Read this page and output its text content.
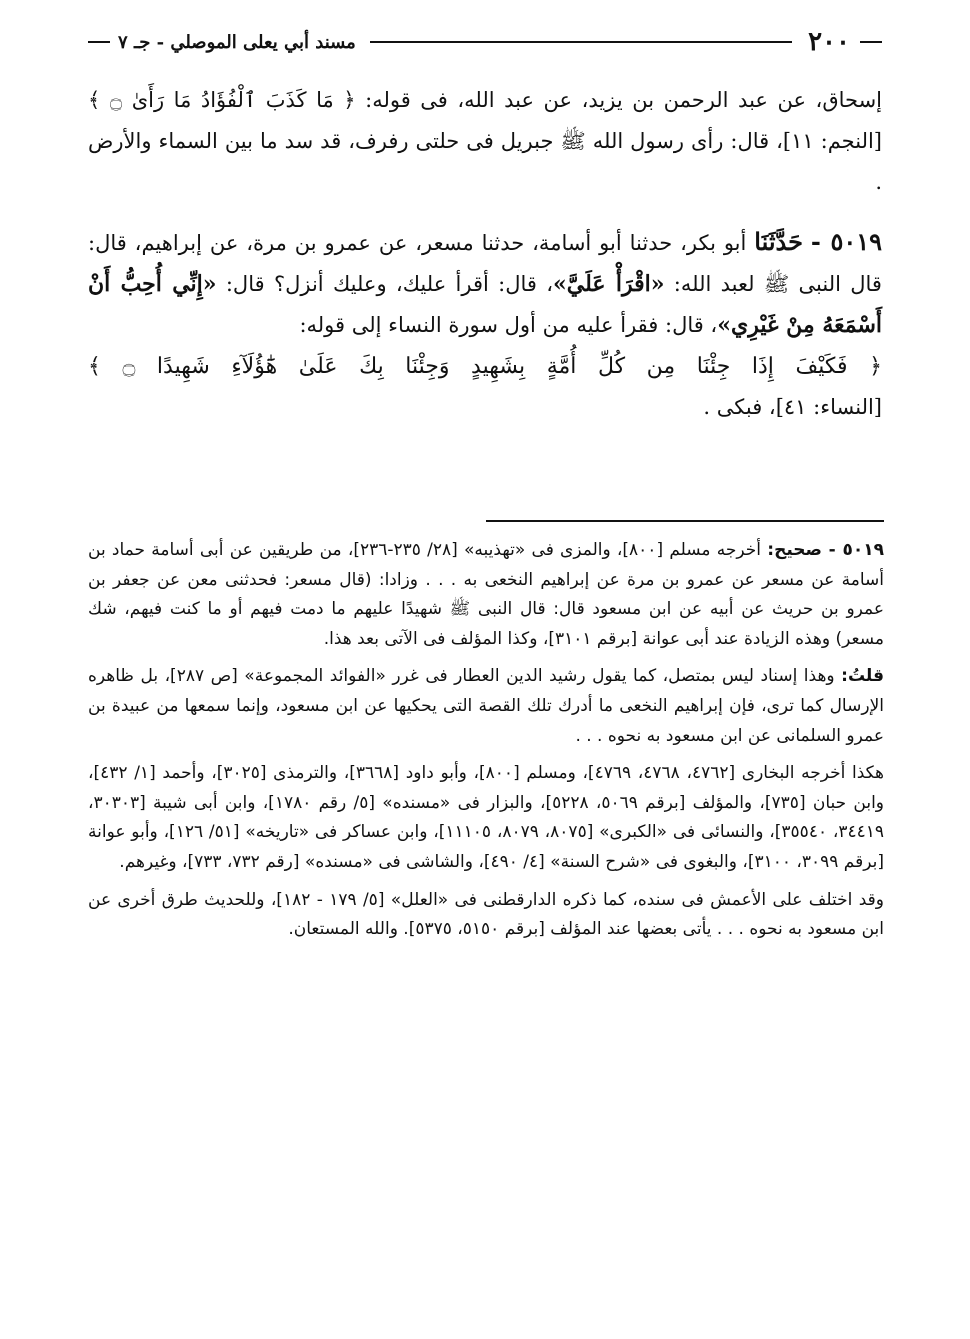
٢٠٠
مسند أبي يعلى الموصلي - جـ ٧

إسحاق، عن عبد الرحمن بن يزيد، عن عبد الله، فى قوله: ﴿ مَا كَذَبَ ٱلْفُؤَادُ مَا رَأَىٰ ۝ ﴾ [النجم: ١١]، قال: رأى رسول الله ﷺ جبريل فى حلتى رفرف، قد سد ما بين السماء والأرض .

٥٠١٩ - حَدَّثَنَا أبو بكر، حدثنا أبو أسامة، حدثنا مسعر، عن عمرو بن مرة، عن إبراهيم، قال: قال النبى ﷺ لعبد الله: «اقْرَأْ عَلَيَّ»، قال: أقرأ عليك، وعليك أنزل؟ قال: «إِنِّي أُحِبُّ أَنْ أَسْمَعَهُ مِنْ غَيْرِي»، قال: فقرأ عليه من أول سورة النساء إلى قوله:

﴿ فَكَيْفَ إِذَا جِئْنَا مِن كُلِّ أُمَّةٍ بِشَهِيدٍ وَجِئْنَا بِكَ عَلَىٰ هَٰٓؤُلَآءِ شَهِيدًا ۝ ﴾

[النساء: ٤١]، فبكى .

٥٠١٩ - صحيح: أخرجه مسلم [٨٠٠]، والمزى فى «تهذيبه» [٢٨/ ٢٣٥-٢٣٦]، من طريقين عن أبى أسامة حماد بن أسامة عن مسعر عن عمرو بن مرة عن إبراهيم النخعى به . . . وزادا: (قال مسعر: فحدثنى معن عن جعفر بن عمرو بن حريث عن أبيه عن ابن مسعود قال: قال النبى ﷺ شهيدًا عليهم ما دمت فيهم أو ما كنت فيهم، شك مسعر) وهذه الزيادة عند أبى عوانة [برقم ٣١٠١]، وكذا المؤلف فى الآتى بعد هذا.

قلتُ: وهذا إسناد ليس بمتصل، كما يقول رشيد الدين العطار فى غرر «الفوائد المجموعة» [ص ٢٨٧]، بل ظاهره الإرسال كما ترى، فإن إبراهيم النخعى ما أدرك تلك القصة التى يحكيها عن ابن مسعود، وإنما سمعها من عبيدة بن عمرو السلمانى عن ابن مسعود به نحوه . . .

هكذا أخرجه البخارى [٤٧٦٢، ٤٧٦٨، ٤٧٦٩]، ومسلم [٨٠٠]، وأبو داود [٣٦٦٨]، والترمذى [٣٠٢٥]، وأحمد [١/ ٤٣٢]، وابن حبان [٧٣٥]، والمؤلف [برقم ٥٠٦٩، ٥٢٢٨]، والبزار فى «مسنده» [٥/ رقم ١٧٨٠]، وابن أبى شيبة [٣٠٣٠٣، ٣٤٤١٩، ٣٥٥٤٠]، والنسائى فى «الكبرى» [٨٠٧٥، ٨٠٧٩، ١١١٠٥]، وابن عساكر فى «تاريخه» [٥١/ ١٢٦]، وأبو عوانة [برقم ٣٠٩٩، ٣١٠٠]، والبغوى فى «شرح السنة» [٤/ ٤٩٠]، والشاشى فى «مسنده» [رقم ٧٣٢، ٧٣٣]، وغيرهم.

وقد اختلف على الأعمش فى سنده، كما ذكره الدارقطنى فى «العلل» [٥/ ١٧٩ - ١٨٢]، وللحديث طرق أخرى عن ابن مسعود به نحوه . . . يأتى بعضها عند المؤلف [برقم ٥١٥٠، ٥٣٧٥]. والله المستعان.
